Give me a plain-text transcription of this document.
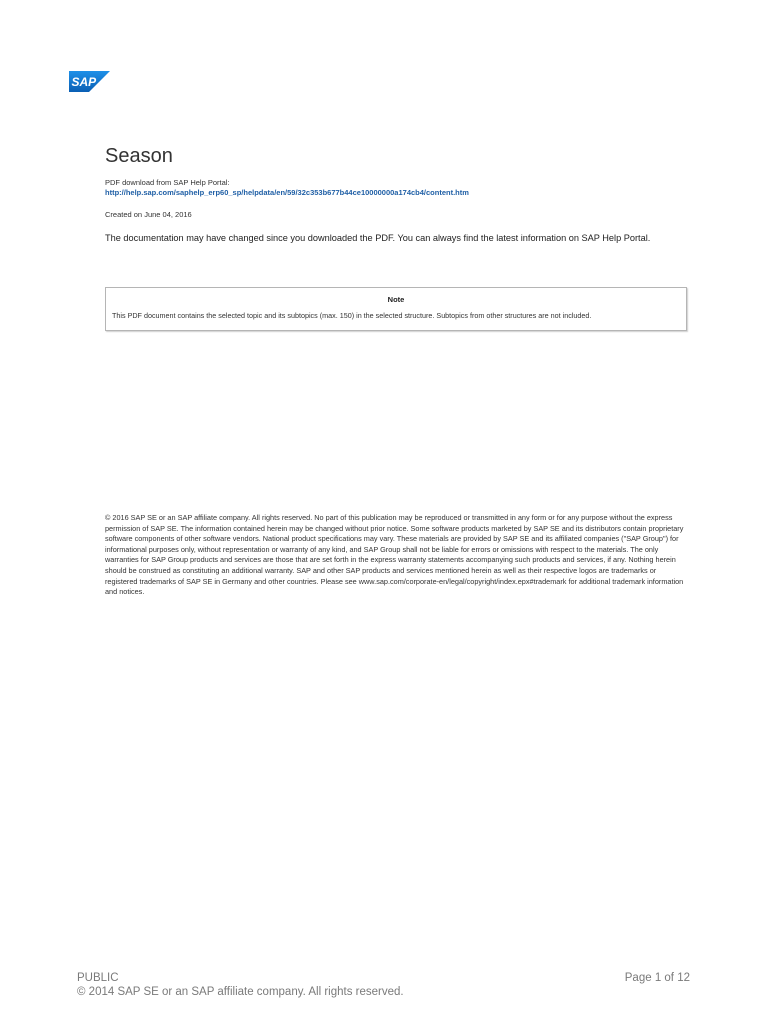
SAP
Season
PDF download from SAP Help Portal:
http://help.sap.com/saphelp_erp60_sp/helpdata/en/59/32c353b677b44ce10000000a174cb4/content.htm
Created on June 04, 2016
The documentation may have changed since you downloaded the PDF. You can always find the latest information on SAP Help Portal.
Note
This PDF document contains the selected topic and its subtopics (max. 150) in the selected structure. Subtopics from other structures are not included.
© 2016 SAP SE or an SAP affiliate company. All rights reserved. No part of this publication may be reproduced or transmitted in any form or for any purpose without the express permission of SAP SE. The information contained herein may be changed without prior notice. Some software products marketed by SAP SE and its distributors contain proprietary software components of other software vendors. National product specifications may vary. These materials are provided by SAP SE and its affiliated companies ("SAP Group") for informational purposes only, without representation or warranty of any kind, and SAP Group shall not be liable for errors or omissions with respect to the materials. The only warranties for SAP Group products and services are those that are set forth in the express warranty statements accompanying such products and services, if any. Nothing herein should be construed as constituting an additional warranty. SAP and other SAP products and services mentioned herein as well as their respective logos are trademarks or registered trademarks of SAP SE in Germany and other countries. Please see www.sap.com/corporate-en/legal/copyright/index.epx#trademark for additional trademark information and notices.
PUBLIC
© 2014 SAP SE or an SAP affiliate company. All rights reserved.
Page 1 of 12
